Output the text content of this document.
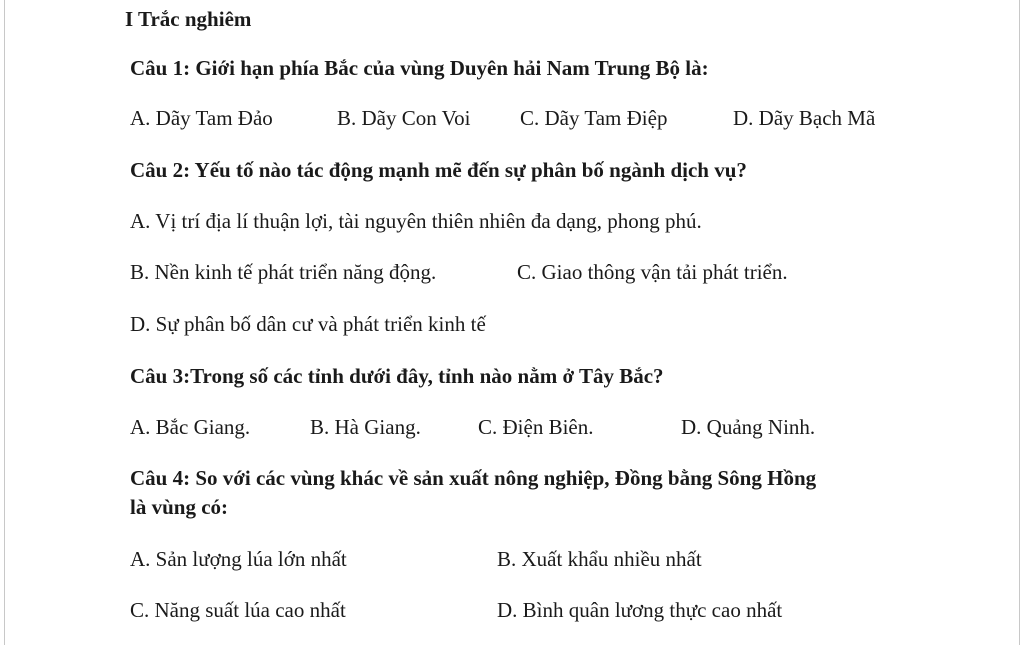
I Trắc nghiêm
Câu 1: Giới hạn phía Bắc của vùng Duyên hải Nam Trung Bộ là:
A. Dãy Tam Đảo	B. Dãy Con Voi C. Dãy Tam Điệp	D. Dãy Bạch Mã
Câu 2: Yếu tố nào tác động mạnh mẽ đến sự phân bố ngành dịch vụ?
A. Vị trí địa lí thuận lợi, tài nguyên thiên nhiên đa dạng, phong phú.
B. Nền kinh tế phát triển năng động.	C. Giao thông vận tải phát triển.
D. Sự phân bố dân cư và phát triển kinh tế
Câu 3:Trong số các tỉnh dưới đây, tỉnh nào nằm ở Tây Bắc?
A. Bắc Giang.	B. Hà Giang.	C. Điện Biên.	D. Quảng Ninh.
Câu 4: So với các vùng khác về sản xuất nông nghiệp, Đồng bằng Sông Hồng
là vùng có:
A. Sản lượng lúa lớn nhất	B. Xuất khẩu nhiều nhất
C. Năng suất lúa cao nhất	D. Bình quân lương thực cao nhất
